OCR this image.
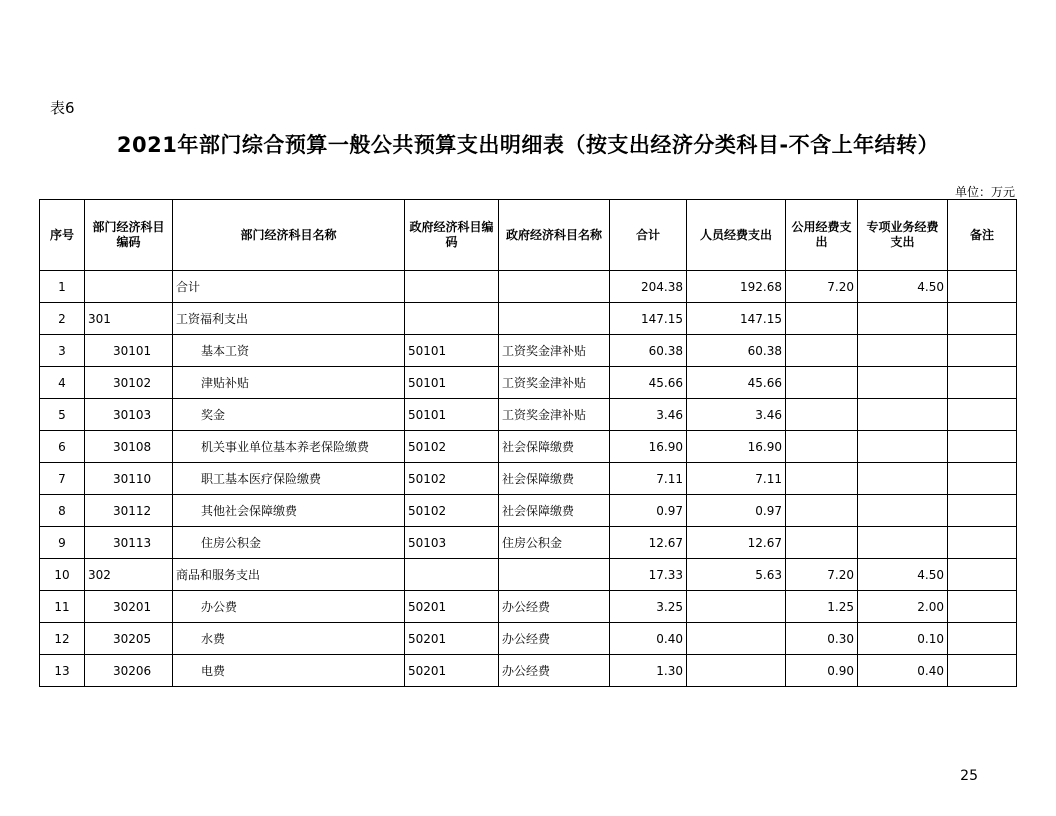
表6
2021年部门综合预算一般公共预算支出明细表（按支出经济分类科目-不含上年结转）
单位：万元
序号	部门经济科目编码	部门经济科目名称	政府经济科目编码	政府经济科目名称	合计	人员经费支出	公用经费支出	专项业务经费支出	备注
1		合计			204.38	192.68	7.20	4.50	
2	301	工资福利支出			147.15	147.15			
3	30101	基本工资	50101	工资奖金津补贴	60.38	60.38			
4	30102	津贴补贴	50101	工资奖金津补贴	45.66	45.66			
5	30103	奖金	50101	工资奖金津补贴	3.46	3.46			
6	30108	机关事业单位基本养老保险缴费	50102	社会保障缴费	16.90	16.90			
7	30110	职工基本医疗保险缴费	50102	社会保障缴费	7.11	7.11			
8	30112	其他社会保障缴费	50102	社会保障缴费	0.97	0.97			
9	30113	住房公积金	50103	住房公积金	12.67	12.67			
10	302	商品和服务支出			17.33	5.63	7.20	4.50	
11	30201	办公费	50201	办公经费	3.25		1.25	2.00	
12	30205	水费	50201	办公经费	0.40		0.30	0.10	
13	30206	电费	50201	办公经费	1.30		0.90	0.40	
25
